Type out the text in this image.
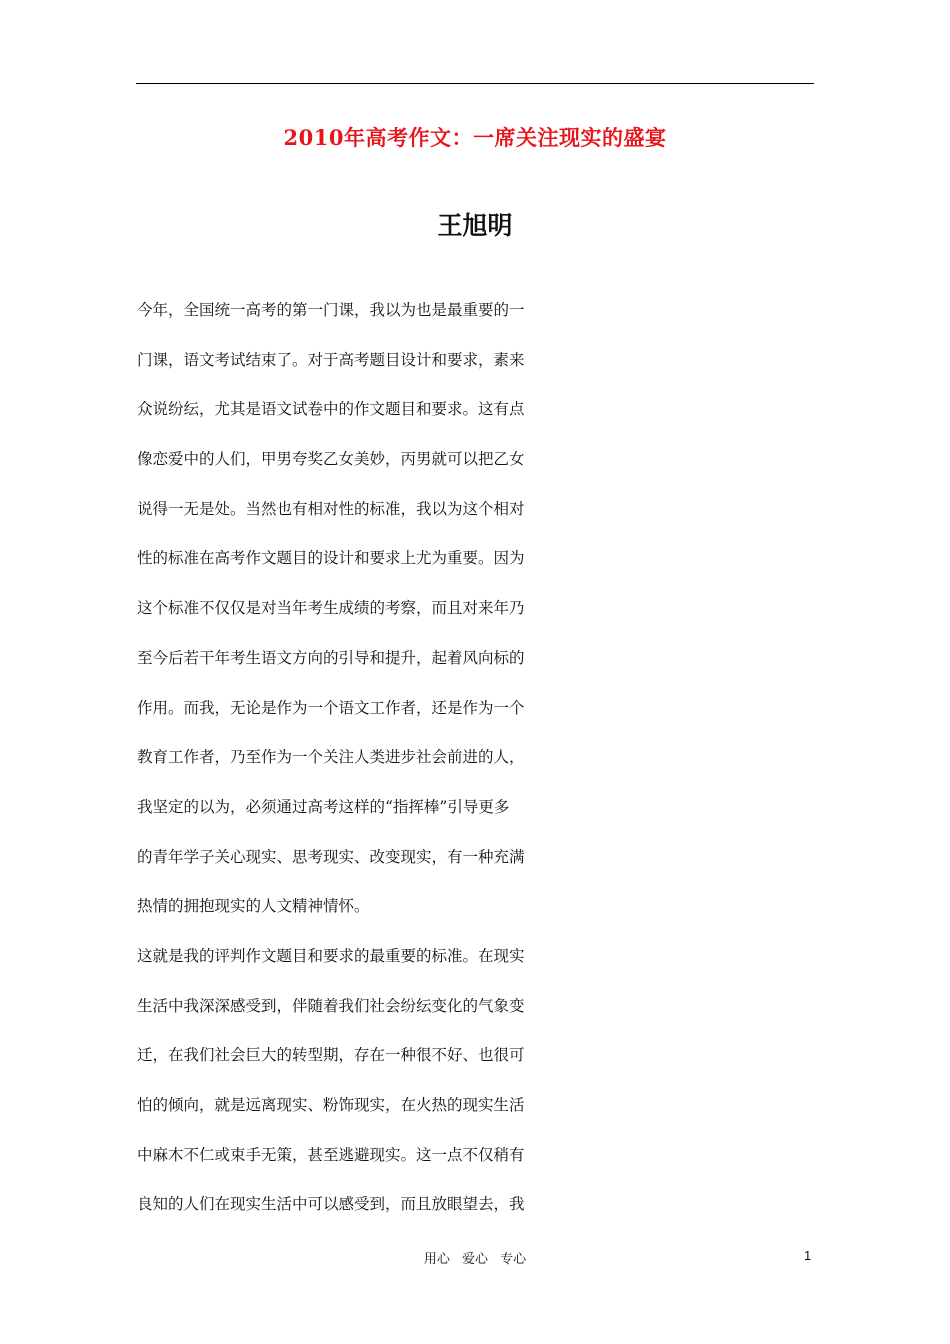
2010年高考作文：一席关注现实的盛宴
王旭明
今年，全国统一高考的第一门课，我以为也是最重要的一
门课，语文考试结束了。对于高考题目设计和要求，素来
众说纷纭，尤其是语文试卷中的作文题目和要求。这有点
像恋爱中的人们，甲男夸奖乙女美妙，丙男就可以把乙女
说得一无是处。当然也有相对性的标准，我以为这个相对
性的标准在高考作文题目的设计和要求上尤为重要。因为
这个标准不仅仅是对当年考生成绩的考察，而且对来年乃
至今后若干年考生语文方向的引导和提升，起着风向标的
作用。而我，无论是作为一个语文工作者，还是作为一个
教育工作者，乃至作为一个关注人类进步社会前进的人，
我坚定的以为，必须通过高考这样的“指挥棒”引导更多
的青年学子关心现实、思考现实、改变现实，有一种充满
热情的拥抱现实的人文精神情怀。
这就是我的评判作文题目和要求的最重要的标准。在现实
生活中我深深感受到，伴随着我们社会纷纭变化的气象变
迁，在我们社会巨大的转型期，存在一种很不好、也很可
怕的倾向，就是远离现实、粉饰现实，在火热的现实生活
中麻木不仁或束手无策，甚至逃避现实。这一点不仅稍有
良知的人们在现实生活中可以感受到，而且放眼望去，我
用心 爱心 专心	1
